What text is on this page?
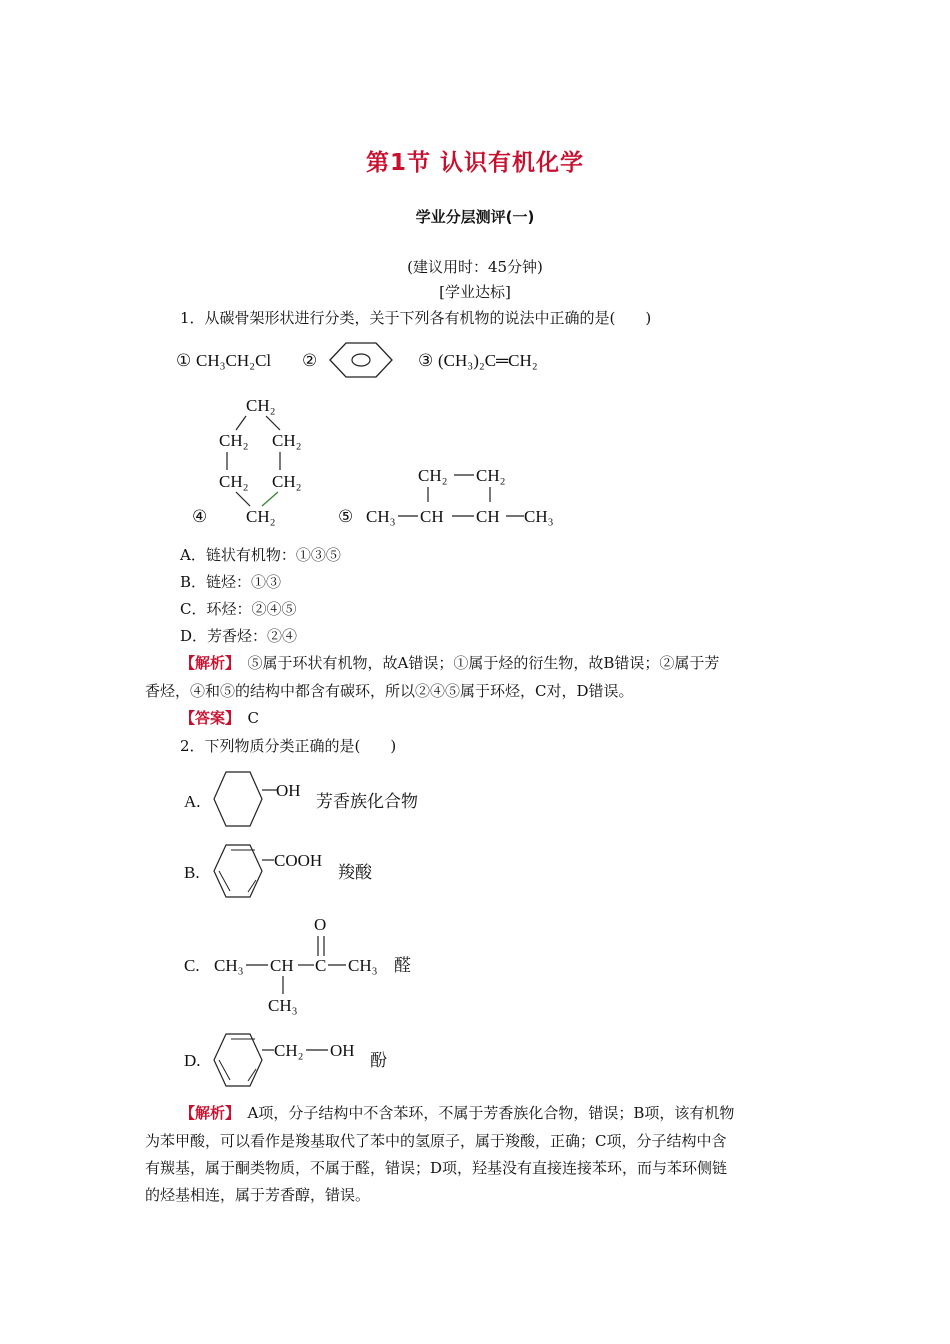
第1节 认识有机化学
学业分层测评(一)
(建议用时：45分钟)
[学业达标]
1．从碳骨架形状进行分类，关于下列各有机物的说法中正确的是(　　)
① CH₃CH₂Cl ②	③ (CH₃)₂C═CH₂
CH₂
CH₂ CH₂
CH₂ CH₂
CH₂
④	⑤
CH₂ CH₂
CH₃ CH CH CH₃
A．链状有机物：①③⑤
B．链烃：①③
C．环烃：②④⑤
D．芳香烃：②④
【解析】　⑤属于环状有机物，故A错误；①属于烃的衍生物，故B错误；②属于芳
香烃，④和⑤的结构中都含有碳环，所以②④⑤属于环烃，C对，D错误。
【答案】　C
2．下列物质分类正确的是(　　)
A.
OH
芳香族化合物
B.
COOH
羧酸
C.
O
CH₃ CH C CH₃
CH₃
醛
D.
CH₂ OH
酚
【解析】　A项，分子结构中不含苯环，不属于芳香族化合物，错误；B项，该有机物
为苯甲酸，可以看作是羧基取代了苯中的氢原子，属于羧酸，正确；C项，分子结构中含
有羰基，属于酮类物质，不属于醛，错误；D项，羟基没有直接连接苯环，而与苯环侧链
的烃基相连，属于芳香醇，错误。
